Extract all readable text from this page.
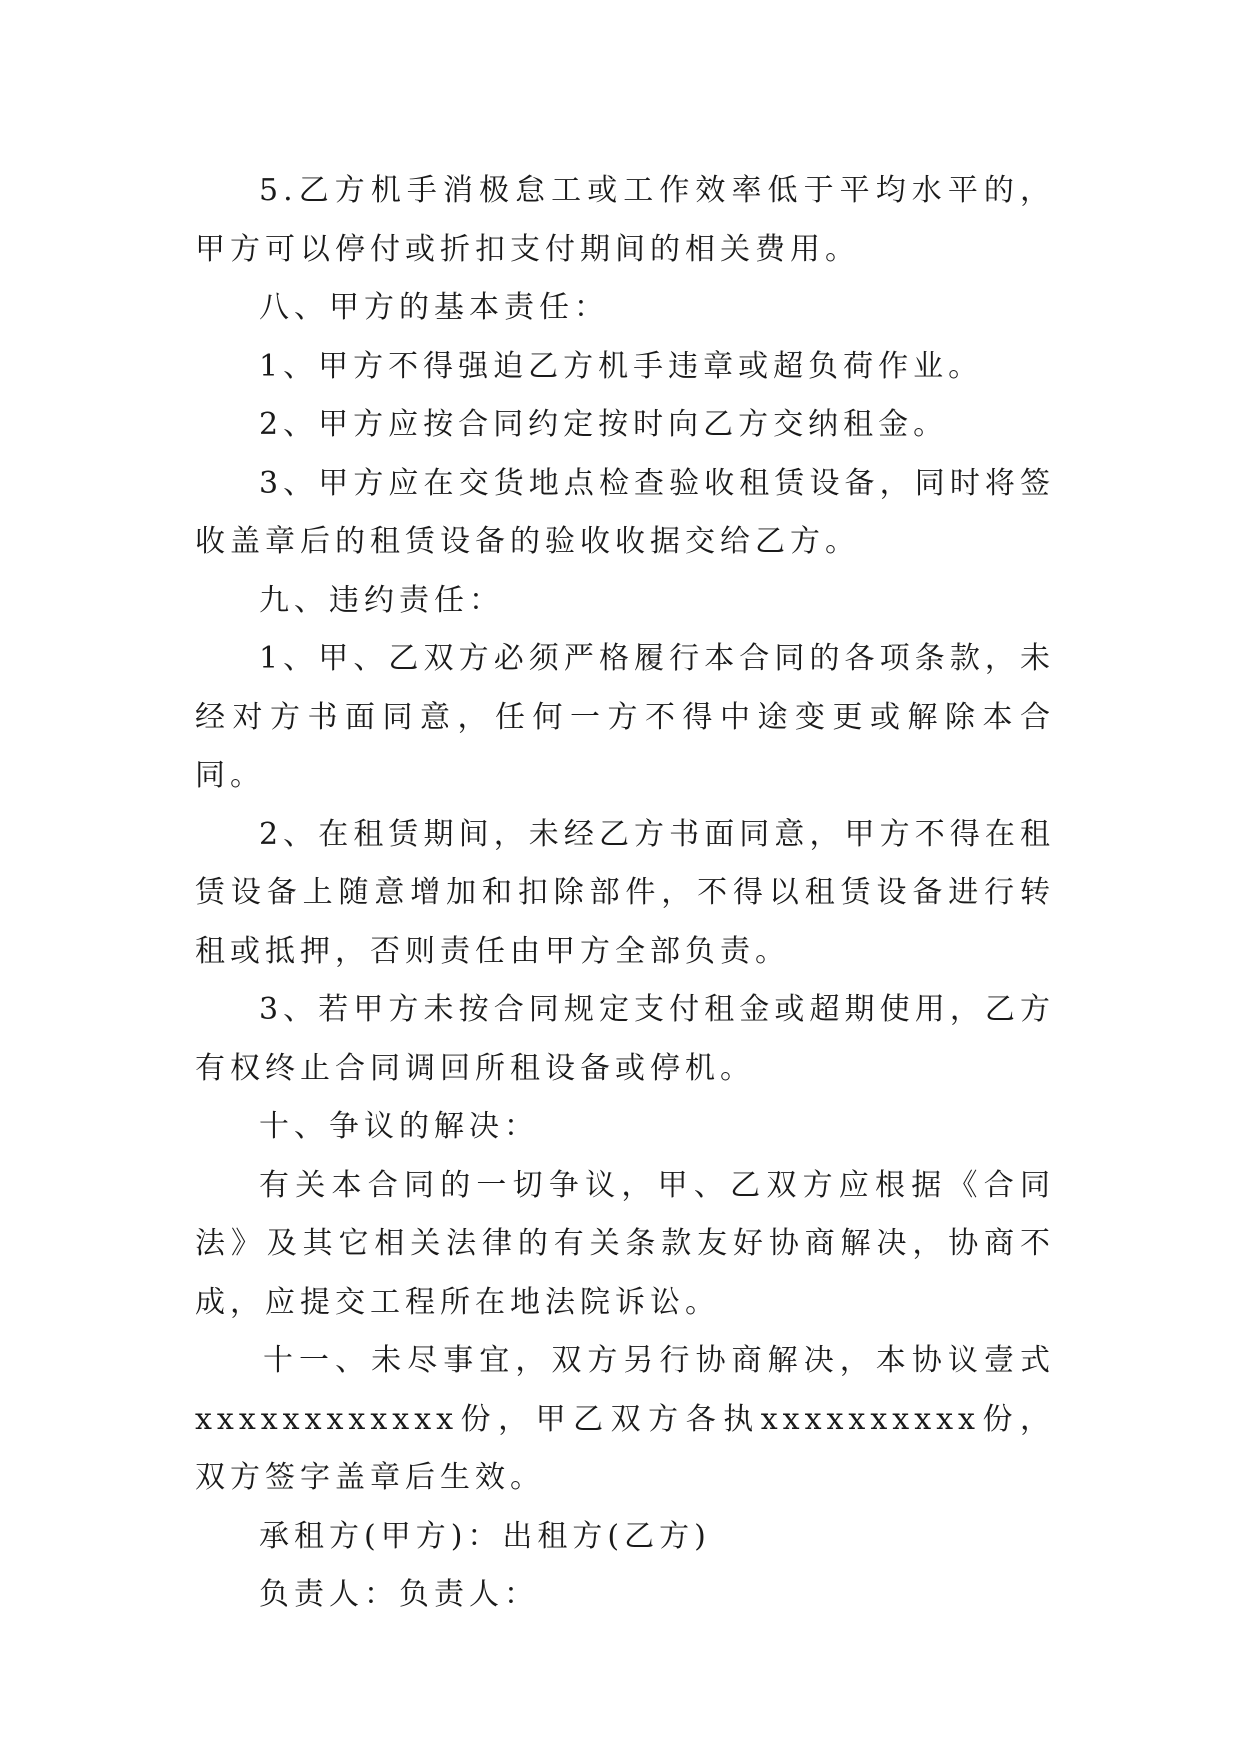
5.乙方机手消极怠工或工作效率低于平均水平的，甲方可以停付或折扣支付期间的相关费用。

八、甲方的基本责任：

1、甲方不得强迫乙方机手违章或超负荷作业。

2、甲方应按合同约定按时向乙方交纳租金。

3、甲方应在交货地点检查验收租赁设备，同时将签收盖章后的租赁设备的验收收据交给乙方。

九、违约责任：

1、甲、乙双方必须严格履行本合同的各项条款，未经对方书面同意，任何一方不得中途变更或解除本合同。

2、在租赁期间，未经乙方书面同意，甲方不得在租赁设备上随意增加和扣除部件，不得以租赁设备进行转租或抵押，否则责任由甲方全部负责。

3、若甲方未按合同规定支付租金或超期使用，乙方有权终止合同调回所租设备或停机。

十、争议的解决：

有关本合同的一切争议，甲、乙双方应根据《合同法》及其它相关法律的有关条款友好协商解决，协商不成，应提交工程所在地法院诉讼。

十一、未尽事宜，双方另行协商解决，本协议壹式xxxxxxxxxxxx份，甲乙双方各执xxxxxxxxxx份，双方签字盖章后生效。

承租方(甲方)：出租方(乙方)

负责人：负责人：
